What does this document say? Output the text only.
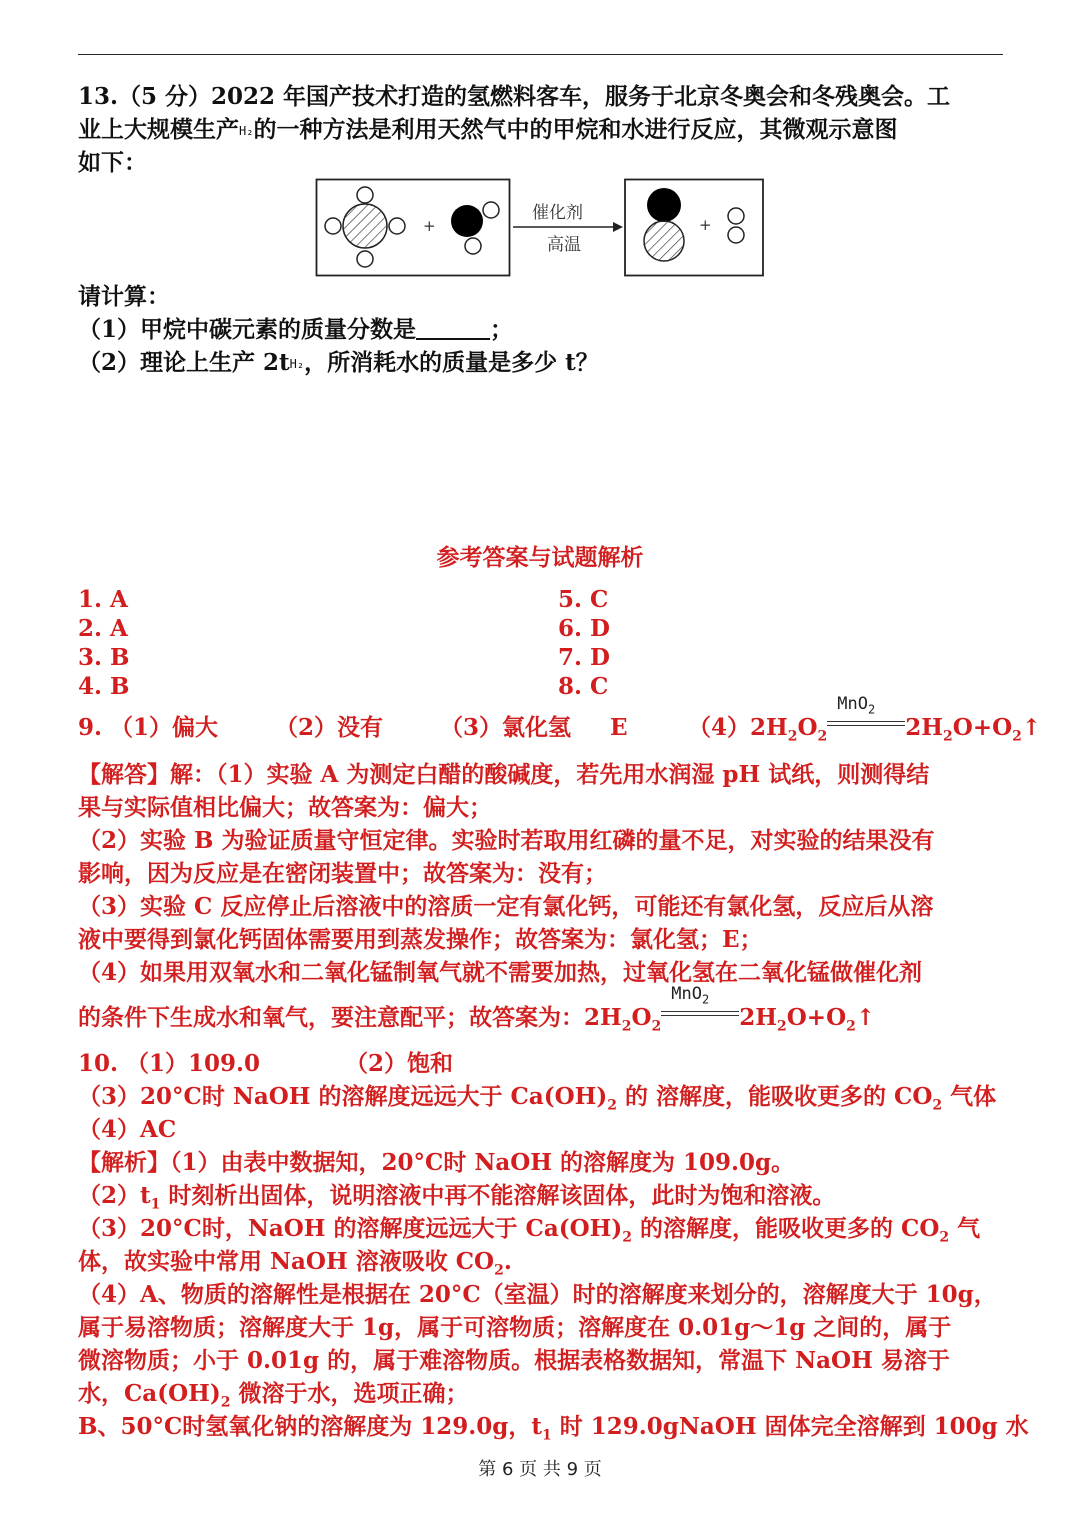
13.（5 分）2022 年国产技术打造的氢燃料客车，服务于北京冬奥会和冬残奥会。工
业上大规模生产H₂的一种方法是利用天然气中的甲烷和水进行反应，其微观示意图
如下：
+
催化剂
高温
+
请计算：
（1）甲烷中碳元素的质量分数是	；
（2）理论上生产 2tH₂，所消耗水的质量是多少 t？
参考答案与试题解析
1. A
2. A
3. B
4. B
5. C
6. D
7. D
8. C
9. （1）偏大 （2）没有 （3）氯化氢 E	$(4)2H_2O_2$
MnO$_2$
$2H_2O+O_2↑$
【解答】解：（1）实验 A 为测定白醋的酸碱度，若先用水润湿 pH 试纸，则测得结
果与实际值相比偏大；故答案为：偏大；
（2）实验 B 为验证质量守恒定律。实验时若取用红磷的量不足，对实验的结果没有
影响，因为反应是在密闭装置中；故答案为：没有；
（3）实验 C 反应停止后溶液中的溶质一定有氯化钙，可能还有氯化氢，反应后从溶
液中要得到氯化钙固体需要用到蒸发操作；故答案为：氯化氢；E；
（4）如果用双氧水和二氧化锰制氧气就不需要加热，过氧化氢在二氧化锰做催化剂
的条件下生成水和氧气，要注意配平；故答案为：$2H_2O_2$
MnO$_2$
$2H_2O+O_2↑$
10. （1）109.0	（2）饱和
（3）20°C时 NaOH 的溶解度远远大于 $Ca(OH)_2$ 的 溶解度，能吸收更多的 $CO_2$ 气体
（4）AC
【解析】（1）由表中数据知，20°C时 NaOH 的溶解度为 109.0g。
$(2)t_1$ 时刻析出固体，说明溶液中再不能溶解该固体，此时为饱和溶液。
（3）20°C时，NaOH 的溶解度远远大于 $Ca(OH)_2$ 的溶解度，能吸收更多的 $CO_2$ 气
体，故实验中常用 NaOH 溶液吸收 $CO_2$.
（4）A、物质的溶解性是根据在 20°C（室温）时的溶解度来划分的，溶解度大于 10g，
属于易溶物质；溶解度大于 1g，属于可溶物质；溶解度在 0.01g～1g 之间的，属于
微溶物质；小于 0.01g 的，属于难溶物质。根据表格数据知，常温下 NaOH 易溶于
水，$Ca(OH)_2$ 微溶于水，选项正确；
B、50°C时氢氧化钠的溶解度为 129.0g，$t_1$ 时 129.0gNaOH 固体完全溶解到 100g 水
第 6 页 共 9 页
